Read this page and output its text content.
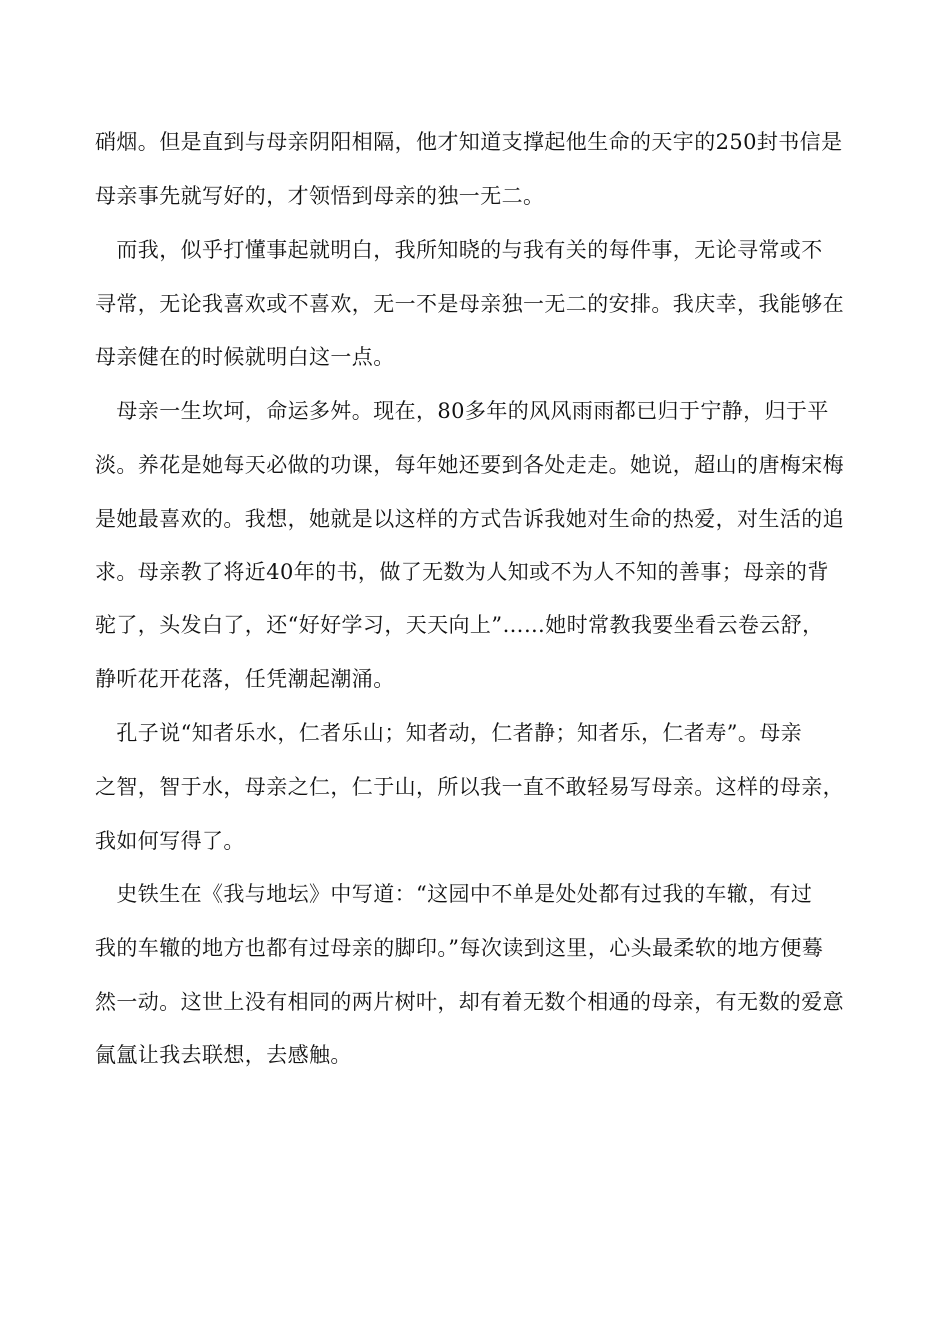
硝烟。但是直到与母亲阴阳相隔，他才知道支撑起他生命的天宇的250封书信是
母亲事先就写好的，才领悟到母亲的独一无二。
　而我，似乎打懂事起就明白，我所知晓的与我有关的每件事，无论寻常或不
寻常，无论我喜欢或不喜欢，无一不是母亲独一无二的安排。我庆幸，我能够在
母亲健在的时候就明白这一点。
　母亲一生坎坷，命运多舛。现在，80多年的风风雨雨都已归于宁静，归于平
淡。养花是她每天必做的功课，每年她还要到各处走走。她说，超山的唐梅宋梅
是她最喜欢的。我想，她就是以这样的方式告诉我她对生命的热爱，对生活的追
求。母亲教了将近40年的书，做了无数为人知或不为人不知的善事；母亲的背
驼了，头发白了，还“好好学习，天天向上”……她时常教我要坐看云卷云舒，
静听花开花落，任凭潮起潮涌。
　孔子说“知者乐水，仁者乐山；知者动，仁者静；知者乐，仁者寿”。母亲
之智，智于水，母亲之仁，仁于山，所以我一直不敢轻易写母亲。这样的母亲，
我如何写得了。
　史铁生在《我与地坛》中写道：“这园中不单是处处都有过我的车辙，有过
我的车辙的地方也都有过母亲的脚印。”每次读到这里，心头最柔软的地方便蓦
然一动。这世上没有相同的两片树叶，却有着无数个相通的母亲，有无数的爱意
氤氲让我去联想，去感触。
